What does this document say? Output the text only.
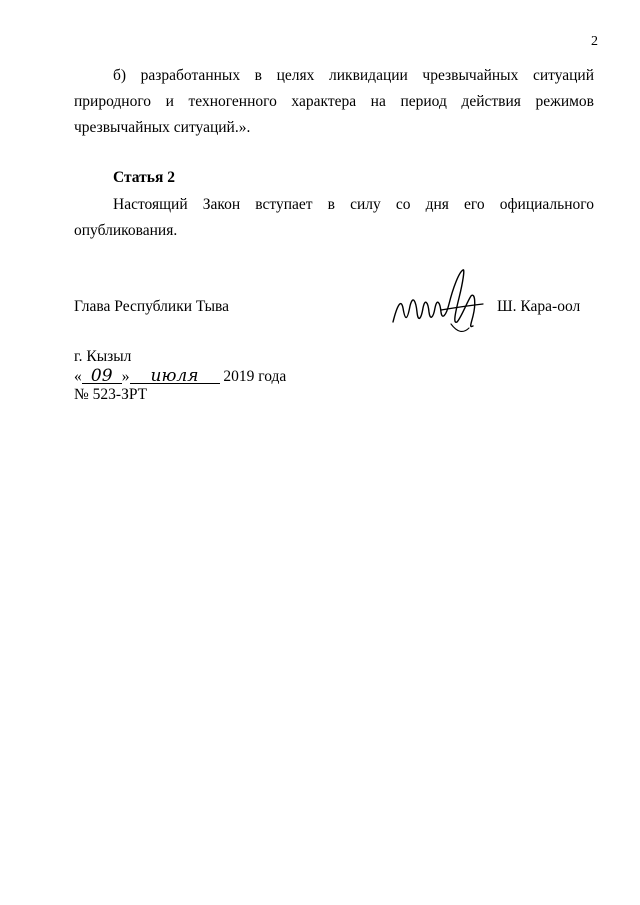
2
б) разработанных в целях ликвидации чрезвычайных ситуаций
природного и техногенного характера на период действия режимов
чрезвычайных ситуаций.».
Статья 2
Настоящий Закон вступает в силу со дня его официального
опубликования.
Глава Республики Тыва	Ш. Кара-оол
г. Кызыл
« 09 » июля 2019 года
№ 523-ЗРТ
